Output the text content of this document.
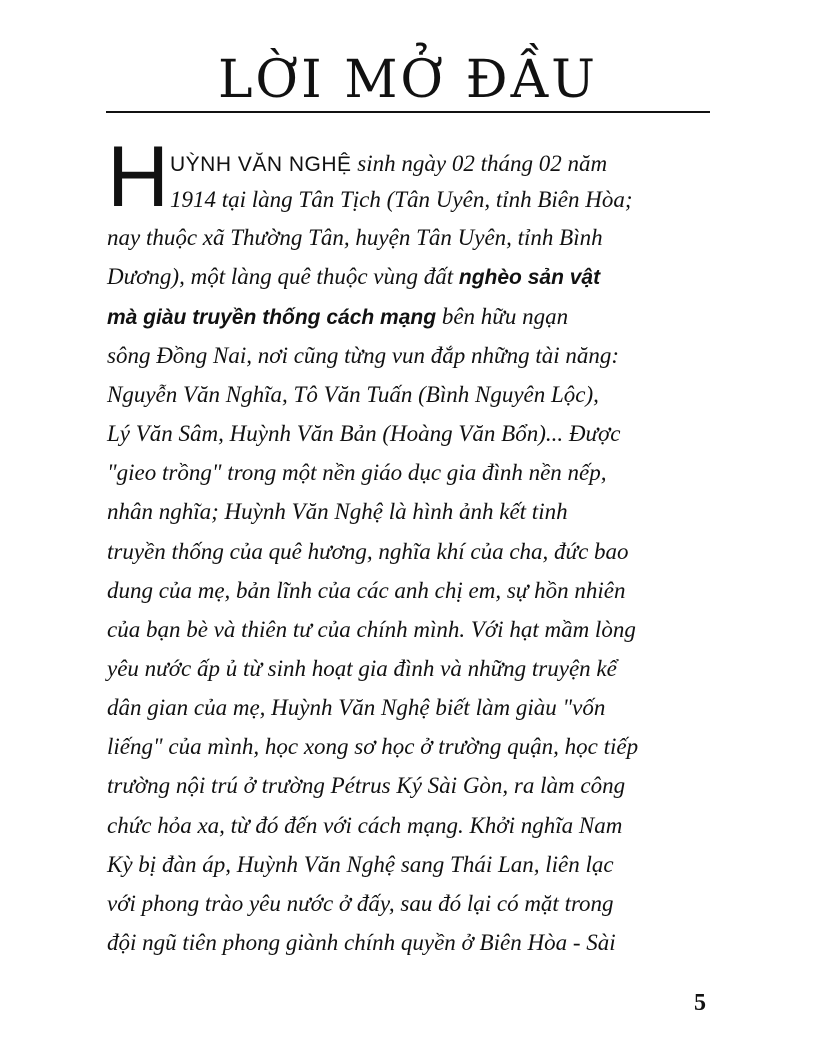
LỜI MỞ ĐẦU
H UỲNH VĂN NGHỆ sinh ngày 02 tháng 02 năm
1914 tại làng Tân Tịch (Tân Uyên, tỉnh Biên Hòa;
nay thuộc xã Thường Tân, huyện Tân Uyên, tỉnh Bình
Dương), một làng quê thuộc vùng đất nghèo sản vật
mà giàu truyền thống cách mạng bên hữu ngạn
sông Đồng Nai, nơi cũng từng vun đắp những tài năng:
Nguyễn Văn Nghĩa, Tô Văn Tuấn (Bình Nguyên Lộc),
Lý Văn Sâm, Huỳnh Văn Bản (Hoàng Văn Bổn)... Được
"gieo trồng" trong một nền giáo dục gia đình nền nếp,
nhân nghĩa; Huỳnh Văn Nghệ là hình ảnh kết tinh
truyền thống của quê hương, nghĩa khí của cha, đức bao
dung của mẹ, bản lĩnh của các anh chị em, sự hồn nhiên
của bạn bè và thiên tư của chính mình. Với hạt mầm lòng
yêu nước ấp ủ từ sinh hoạt gia đình và những truyện kể
dân gian của mẹ, Huỳnh Văn Nghệ biết làm giàu "vốn
liếng" của mình, học xong sơ học ở trường quận, học tiếp
trường nội trú ở trường Pétrus Ký Sài Gòn, ra làm công
chức hỏa xa, từ đó đến với cách mạng. Khởi nghĩa Nam
Kỳ bị đàn áp, Huỳnh Văn Nghệ sang Thái Lan, liên lạc
với phong trào yêu nước ở đấy, sau đó lại có mặt trong
đội ngũ tiên phong giành chính quyền ở Biên Hòa - Sài
5
